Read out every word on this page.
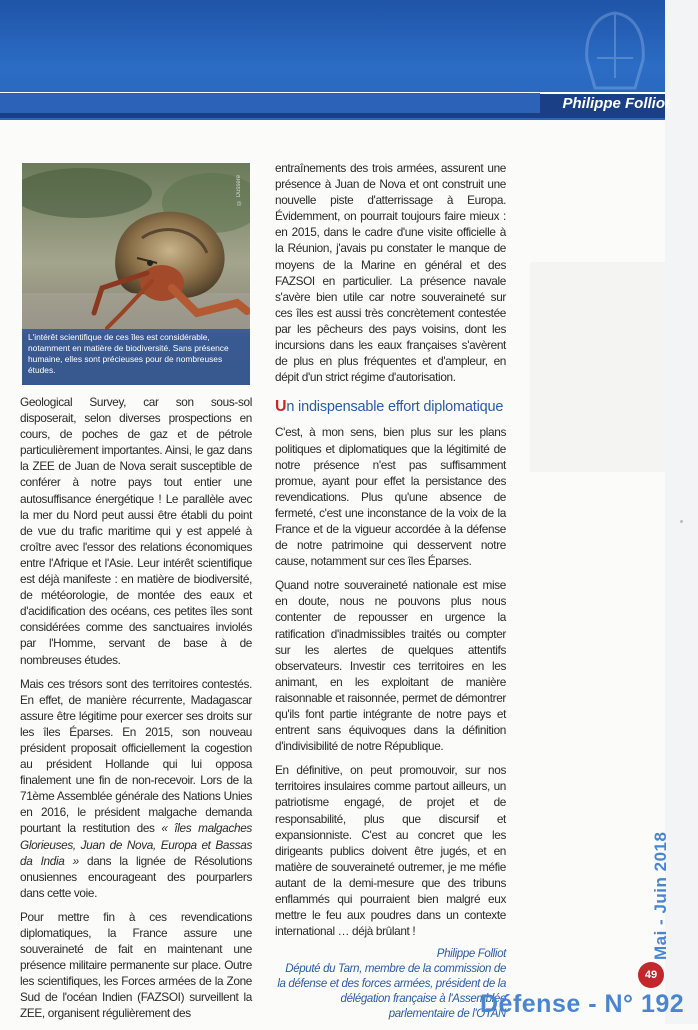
Philippe Folliot
© Dussere
L'intérêt scientifique de ces îles est considérable, notamment en matière de biodiversité. Sans présence humaine, elles sont précieuses pour de nombreuses études.

Geological Survey, car son sous-sol disposerait, selon diverses prospections en cours, de poches de gaz et de pétrole particulièrement importantes. Ainsi, le gaz dans la ZEE de Juan de Nova serait susceptible de conférer à notre pays tout entier une autosuffisance énergétique ! Le parallèle avec la mer du Nord peut aussi être établi du point de vue du trafic maritime qui y est appelé à croître avec l'essor des relations économiques entre l'Afrique et l'Asie. Leur intérêt scientifique est déjà manifeste : en matière de biodiversité, de météorologie, de montée des eaux et d'acidification des océans, ces petites îles sont considérées comme des sanctuaires inviolés par l'Homme, servant de base à de nombreuses études.

Mais ces trésors sont des territoires contestés. En effet, de manière récurrente, Madagascar assure être légitime pour exercer ses droits sur les îles Éparses. En 2015, son nouveau président proposait officiellement la cogestion au président Hollande qui lui opposa finalement une fin de non-recevoir. Lors de la 71ème Assemblée générale des Nations Unies en 2016, le président malgache demanda pourtant la restitution des « îles malgaches Glorieuses, Juan de Nova, Europa et Bassas da India » dans la lignée de Résolutions onusiennes encourageant des pourparlers dans cette voie.

Pour mettre fin à ces revendications diplomatiques, la France assure une souveraineté de fait en maintenant une présence militaire permanente sur place. Outre les scientifiques, les Forces armées de la Zone Sud de l'océan Indien (FAZSOI) surveillent la ZEE, organisent régulièrement des

entraînements des trois armées, assurent une présence à Juan de Nova et ont construit une nouvelle piste d'atterrissage à Europa. Évidemment, on pourrait toujours faire mieux : en 2015, dans le cadre d'une visite officielle à la Réunion, j'avais pu constater le manque de moyens de la Marine en général et des FAZSOI en particulier. La présence navale s'avère bien utile car notre souveraineté sur ces îles est aussi très concrètement contestée par les pêcheurs des pays voisins, dont les incursions dans les eaux françaises s'avèrent de plus en plus fréquentes et d'ampleur, en dépit d'un strict régime d'autorisation.

Un indispensable effort diplomatique

C'est, à mon sens, bien plus sur les plans politiques et diplomatiques que la légitimité de notre présence n'est pas suffisamment promue, ayant pour effet la persistance des revendications. Plus qu'une absence de fermeté, c'est une inconstance de la voix de la France et de la vigueur accordée à la défense de notre patrimoine qui desservent notre cause, notamment sur ces îles Éparses.

Quand notre souveraineté nationale est mise en doute, nous ne pouvons plus nous contenter de repousser en urgence la ratification d'inadmissibles traités ou compter sur les alertes de quelques attentifs observateurs. Investir ces territoires en les animant, en les exploitant de manière raisonnable et raisonnée, permet de démontrer qu'ils font partie intégrante de notre pays et entrent sans équivoques dans la définition d'indivisibilité de notre République.

En définitive, on peut promouvoir, sur nos territoires insulaires comme partout ailleurs, un patriotisme engagé, de projet et de responsabilité, plus que discursif et expansionniste. C'est au concret que les dirigeants publics doivent être jugés, et en matière de souveraineté outremer, je me méfie autant de la demi-mesure que des tribuns enflammés qui pourraient bien malgré eux mettre le feu aux poudres dans un contexte international … déjà brûlant !

Philippe Folliot
Député du Tarn, membre de la commission de la défense et des forces armées, président de la délégation française à l'Assemblée parlementaire de l'OTAN
Mai - Juin 2018
49
Défense - N° 192
